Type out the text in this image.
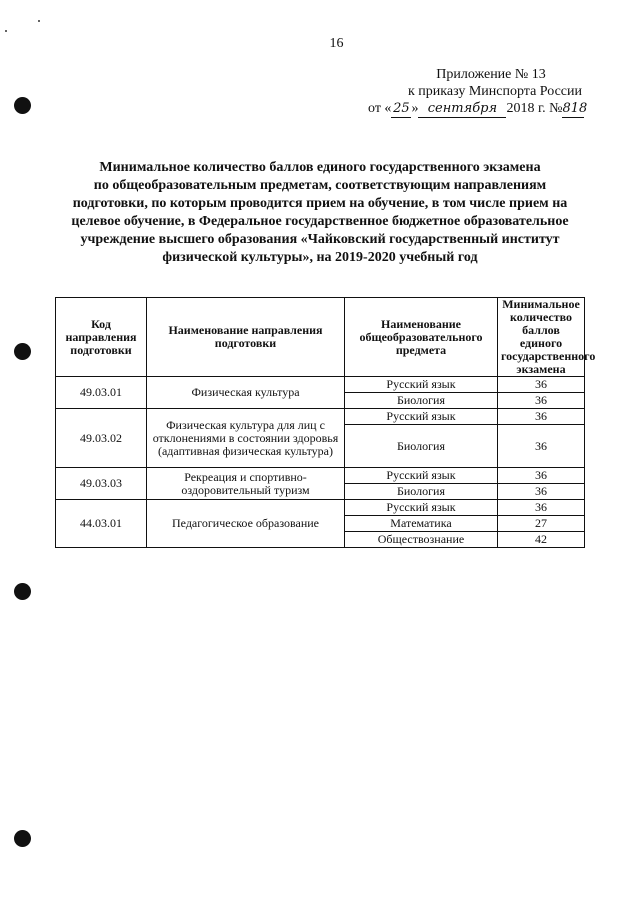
16
Приложение № 13
к приказу Минспорта России
от « 25 » сентября 2018 г. №818
Минимальное количество баллов единого государственного экзамена
по общеобразовательным предметам, соответствующим направлениям
подготовки, по которым проводится прием на обучение, в том числе прием на
целевое обучение, в Федеральное государственное бюджетное образовательное
учреждение высшего образования «Чайковский государственный институт
физической культуры», на 2019-2020 учебный год
Код направления подготовки	Наименование направления подготовки	Наименование общеобразовательного предмета	Минимальное количество баллов единого государственного экзамена
49.03.01	Физическая культура	Русский язык	36
		Биология	36
49.03.02	Физическая культура для лиц с отклонениями в состоянии здоровья (адаптивная физическая культура)	Русский язык	36
		Биология	36
49.03.03	Рекреация и спортивно-оздоровительный туризм	Русский язык	36
		Биология	36
44.03.01	Педагогическое образование	Русский язык	36
		Математика	27
		Обществознание	42
